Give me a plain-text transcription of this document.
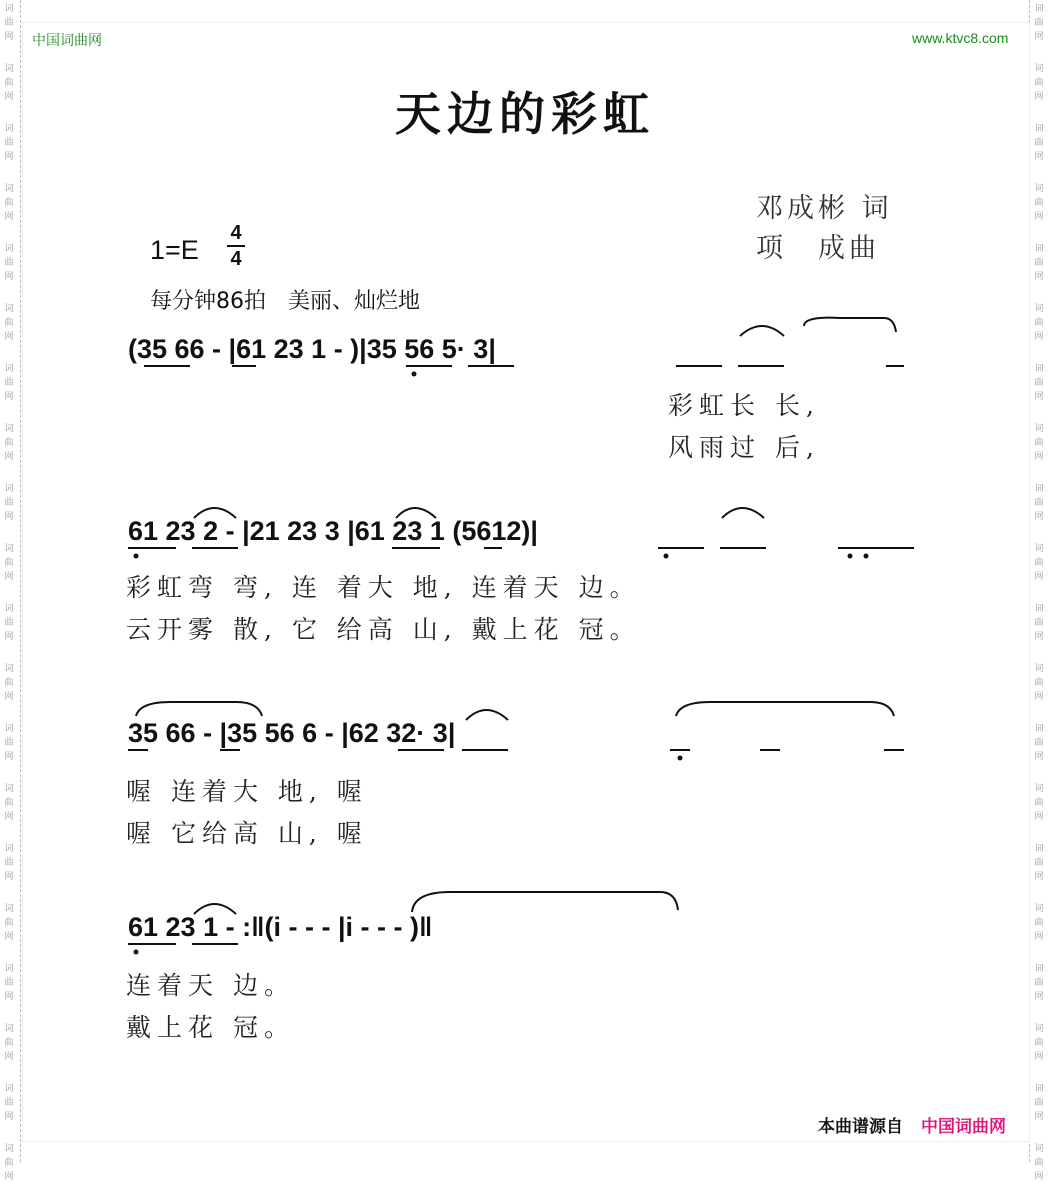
词
曲
网
词
曲
网
词
曲
网
词
曲
网
词
曲
网
词
曲
网
词
曲
网
词
曲
网
词
曲
网
词
曲
网
词
曲
网
词
曲
网
词
曲
网
词
曲
网
词
曲
网
词
曲
网
词
曲
网
词
曲
网
词
曲
网
词
曲
网
词
曲
网
词
曲
网
词
曲
网
词
曲
网
词
曲
网
词
曲
网
词
曲
网
词
曲
网
词
曲
网
词
曲
网
词
曲
网
词
曲
网
词
曲
网
词
曲
网
词
曲
网
词
曲
网
词
曲
网
词
曲
网
词
曲
网
词
曲
网
中国词曲网	www.ktvc8.com
天边的彩虹
邓成彬 词
项　成曲
1=E
4
4
每分钟86拍　美丽、灿烂地
(35 66 - |61 23 1 - )|35 56 5· 3|
彩虹长 长,
风雨过 后,
61 23 2 - |21 23 3 |61 23 1 (5612)|
彩虹弯 弯, 连 着大 地, 连着天 边。
云开雾 散, 它 给高 山, 戴上花 冠。
35 66 - |35 56 6 - |62 32· 3|
喔 连着大 地, 喔
喔 它给高 山, 喔
61 23 1 - :‖(i - - - |i - - - )‖
连着天 边。
戴上花 冠。
本曲谱源自 中国词曲网
